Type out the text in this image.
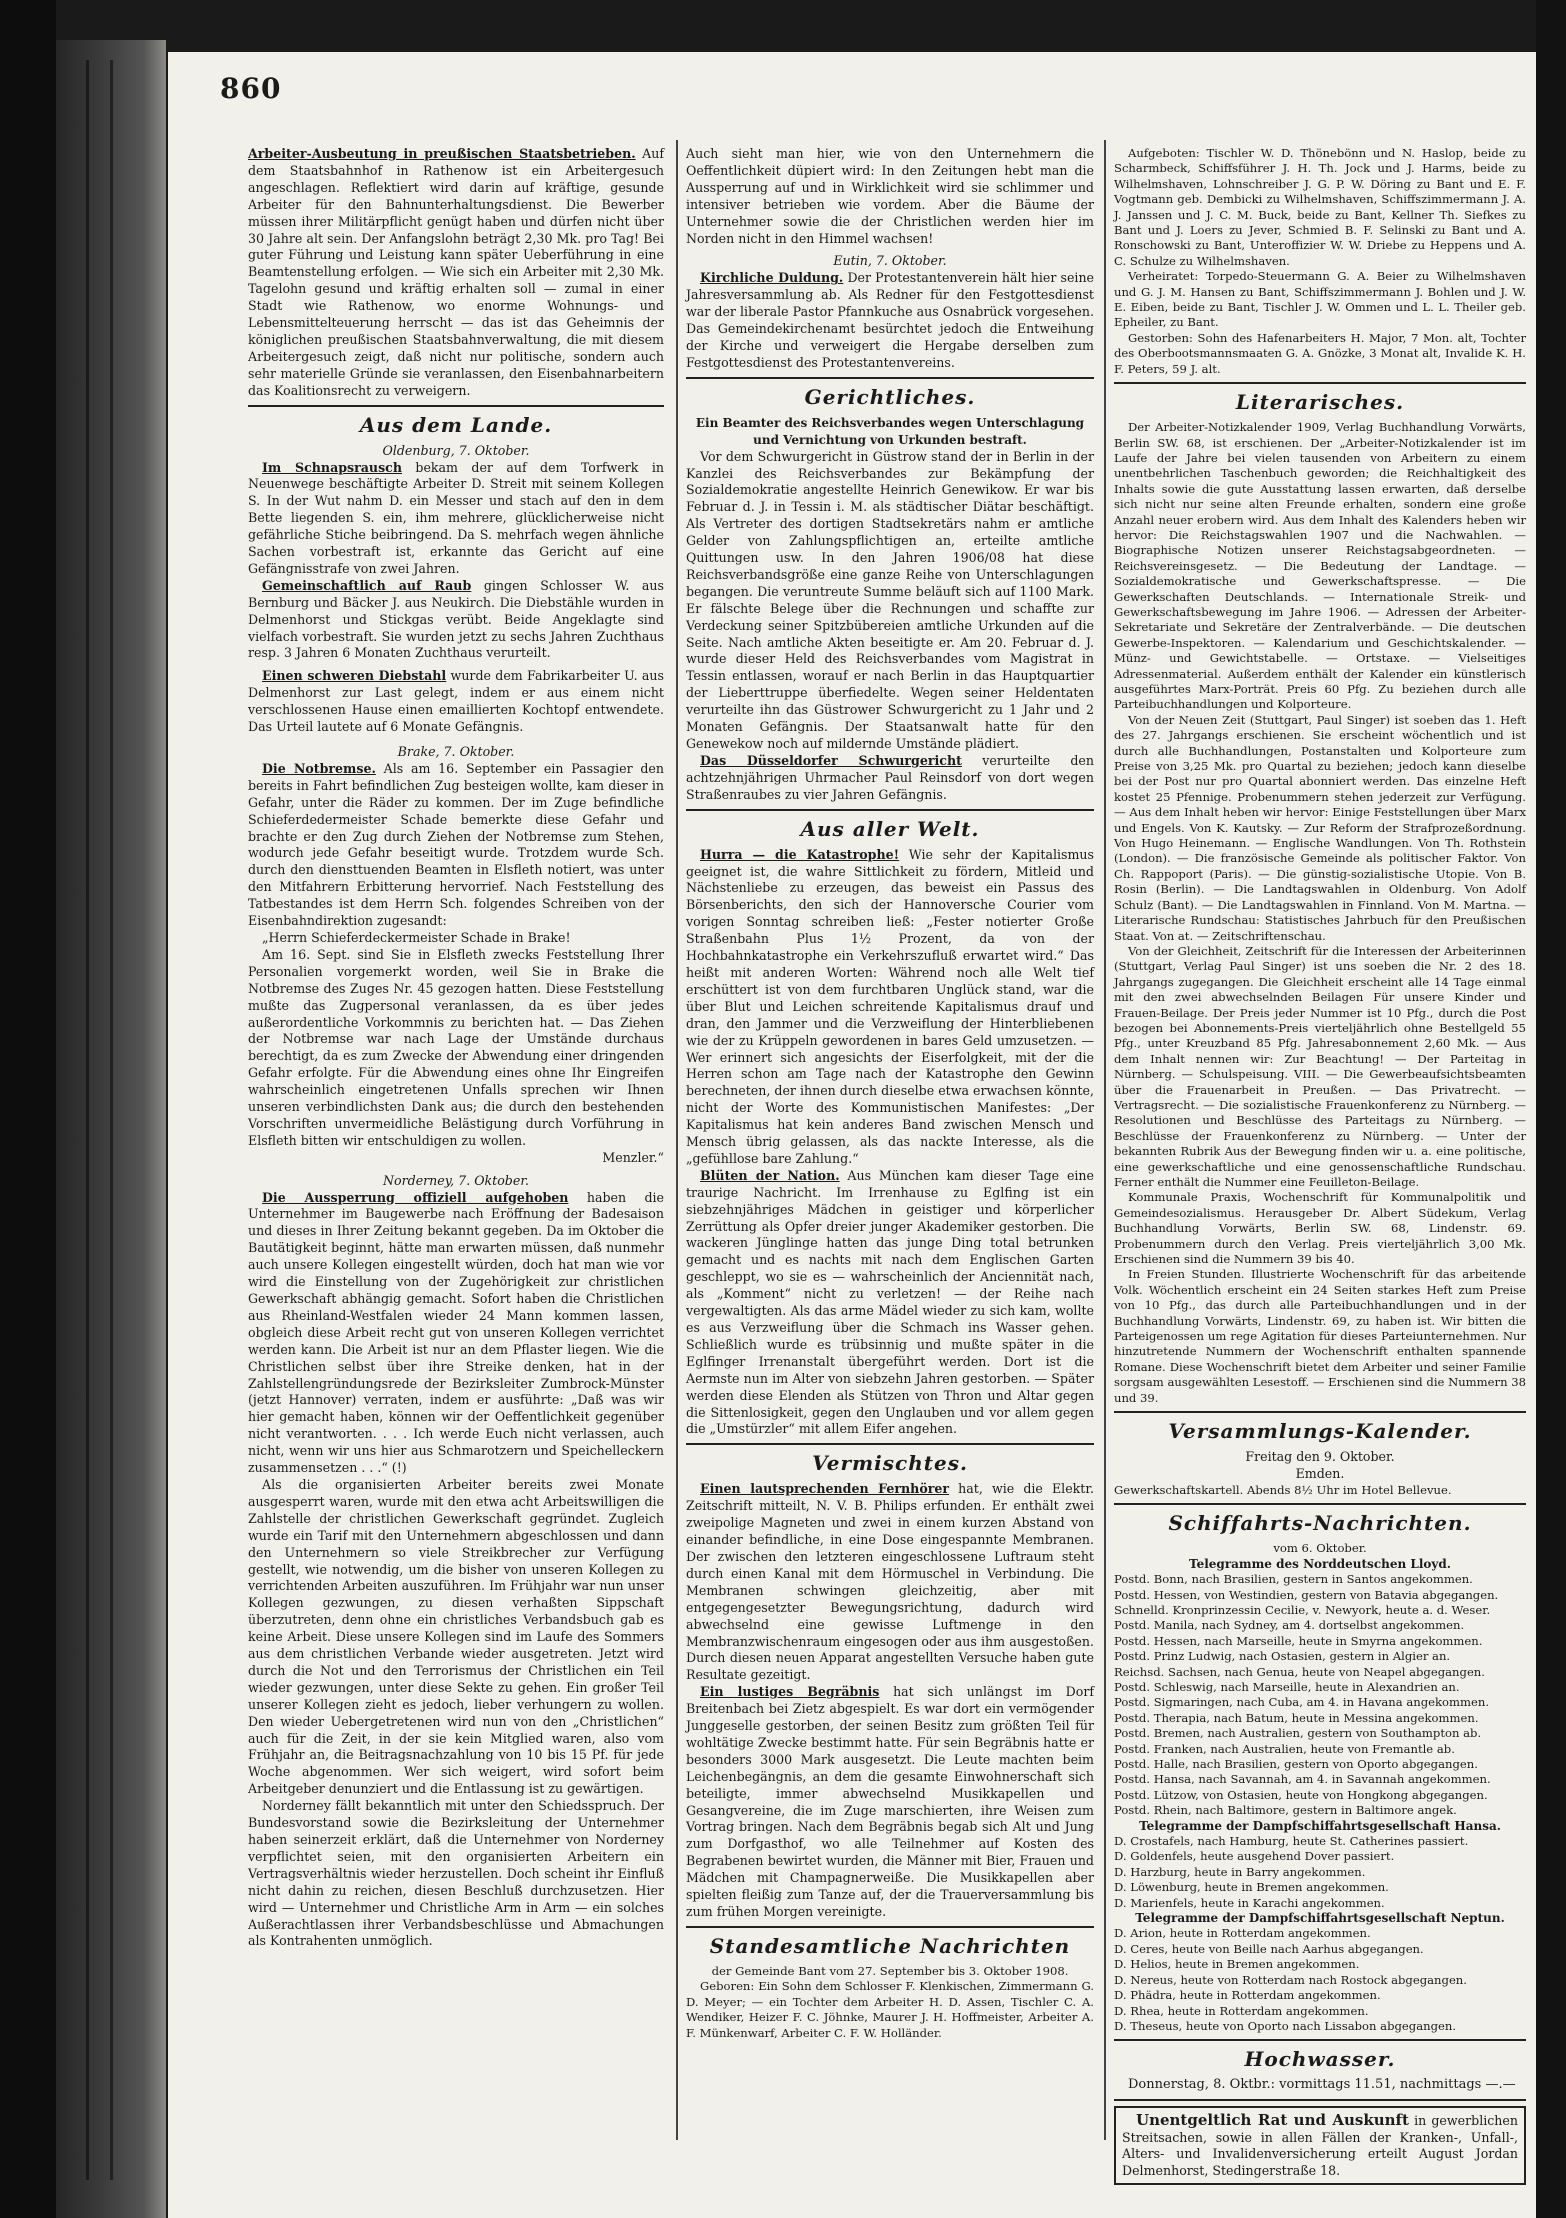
860

Arbeiter-Ausbeutung in preußischen Staatsbetrieben. Auf dem Staatsbahnhof in Rathenow ist ein Arbeitergesuch angeschlagen. Reflektiert wird darin auf kräftige, gesunde Arbeiter für den Bahnunterhaltungsdienst. Die Bewerber müssen ihrer Militärpflicht genügt haben und dürfen nicht über 30 Jahre alt sein. Der Anfangslohn beträgt 2,30 Mk. pro Tag! Bei guter Führung und Leistung kann später Ueberführung in eine Beamtenstellung erfolgen. — Wie sich ein Arbeiter mit 2,30 Mk. Tagelohn gesund und kräftig erhalten soll — zumal in einer Stadt wie Rathenow, wo enorme Wohnungs- und Lebensmittelteuerung herrscht — das ist das Geheimnis der königlichen preußischen Staatsbahnverwaltung, die mit diesem Arbeitergesuch zeigt, daß nicht nur politische, sondern auch sehr materielle Gründe sie veranlassen, den Eisenbahnarbeitern das Koalitionsrecht zu verweigern.

Aus dem Lande.

Oldenburg, 7. Oktober.

Im Schnapsrausch bekam der auf dem Torfwerk in Neuenwege beschäftigte Arbeiter D. Streit mit seinem Kollegen S. In der Wut nahm D. ein Messer und stach auf den in dem Bette liegenden S. ein, ihm mehrere, glücklicherweise nicht gefährliche Stiche beibringend. Da S. mehrfach wegen ähnliche Sachen vorbestraft ist, erkannte das Gericht auf eine Gefängnisstrafe von zwei Jahren.

Gemeinschaftlich auf Raub gingen Schlosser W. aus Bernburg und Bäcker J. aus Neukirch. Die Diebstähle wurden in Delmenhorst und Stickgas verübt. Beide Angeklagte sind vielfach vorbestraft. Sie wurden jetzt zu sechs Jahren Zuchthaus resp. 3 Jahren 6 Monaten Zuchthaus verurteilt.

Einen schweren Diebstahl wurde dem Fabrikarbeiter U. aus Delmenhorst zur Last gelegt, indem er aus einem nicht verschlossenen Hause einen emaillierten Kochtopf entwendete. Das Urteil lautete auf 6 Monate Gefängnis.

Brake, 7. Oktober.

Die Notbremse. Als am 16. September ein Passagier den bereits in Fahrt befindlichen Zug besteigen wollte, kam dieser in Gefahr, unter die Räder zu kommen. Der im Zuge befindliche Schieferdedermeister Schade bemerkte diese Gefahr und brachte er den Zug durch Ziehen der Notbremse zum Stehen, wodurch jede Gefahr beseitigt wurde. Trotzdem wurde Sch. durch den diensttuenden Beamten in Elsfleth notiert, was unter den Mitfahrern Erbitterung hervorrief. Nach Feststellung des Tatbestandes ist dem Herrn Sch. folgendes Schreiben von der Eisenbahndirektion zugesandt:

„Herrn Schieferdeckermeister Schade in Brake!

Am 16. Sept. sind Sie in Elsfleth zwecks Feststellung Ihrer Personalien vorgemerkt worden, weil Sie in Brake die Notbremse des Zuges Nr. 45 gezogen hatten. Diese Feststellung mußte das Zugpersonal veranlassen, da es über jedes außerordentliche Vorkommnis zu berichten hat. — Das Ziehen der Notbremse war nach Lage der Umstände durchaus berechtigt, da es zum Zwecke der Abwendung einer dringenden Gefahr erfolgte. Für die Abwendung eines ohne Ihr Eingreifen wahrscheinlich eingetretenen Unfalls sprechen wir Ihnen unseren verbindlichsten Dank aus; die durch den bestehenden Vorschriften unvermeidliche Belästigung durch Vorführung in Elsfleth bitten wir entschuldigen zu wollen.

Menzler.“

Norderney, 7. Oktober.

Die Aussperrung offiziell aufgehoben haben die Unternehmer im Baugewerbe nach Eröffnung der Badesaison und dieses in Ihrer Zeitung bekannt gegeben. Da im Oktober die Bautätigkeit beginnt, hätte man erwarten müssen, daß nunmehr auch unsere Kollegen eingestellt würden, doch hat man wie vor wird die Einstellung von der Zugehörigkeit zur christlichen Gewerkschaft abhängig gemacht. Sofort haben die Christlichen aus Rheinland-Westfalen wieder 24 Mann kommen lassen, obgleich diese Arbeit recht gut von unseren Kollegen verrichtet werden kann. Die Arbeit ist nur an dem Pflaster liegen. Wie die Christlichen selbst über ihre Streike denken, hat in der Zahlstellengründungsrede der Bezirksleiter Zumbrock-Münster (jetzt Hannover) verraten, indem er ausführte: „Daß was wir hier gemacht haben, können wir der Oeffentlichkeit gegenüber nicht verantworten. . . . Ich werde Euch nicht verlassen, auch nicht, wenn wir uns hier aus Schmarotzern und Speichelleckern zusammensetzen . . .“ (!)

Als die organisierten Arbeiter bereits zwei Monate ausgesperrt waren, wurde mit den etwa acht Arbeitswilligen die Zahlstelle der christlichen Gewerkschaft gegründet. Zugleich wurde ein Tarif mit den Unternehmern abgeschlossen und dann den Unternehmern so viele Streikbrecher zur Verfügung gestellt, wie notwendig, um die bisher von unseren Kollegen zu verrichtenden Arbeiten auszuführen. Im Frühjahr war nun unser Kollegen gezwungen, zu diesen verhaßten Sippschaft überzutreten, denn ohne ein christliches Verbandsbuch gab es keine Arbeit. Diese unsere Kollegen sind im Laufe des Sommers aus dem christlichen Verbande wieder ausgetreten. Jetzt wird durch die Not und den Terrorismus der Christlichen ein Teil wieder gezwungen, unter diese Sekte zu gehen. Ein großer Teil unserer Kollegen zieht es jedoch, lieber verhungern zu wollen. Den wieder Uebergetretenen wird nun von den „Christlichen“ auch für die Zeit, in der sie kein Mitglied waren, also vom Frühjahr an, die Beitragsnachzahlung von 10 bis 15 Pf. für jede Woche abgenommen. Wer sich weigert, wird sofort beim Arbeitgeber denunziert und die Entlassung ist zu gewärtigen.

Norderney fällt bekanntlich mit unter den Schiedsspruch. Der Bundesvorstand sowie die Bezirksleitung der Unternehmer haben seinerzeit erklärt, daß die Unternehmer von Norderney verpflichtet seien, mit den organisierten Arbeitern ein Vertragsverhältnis wieder herzustellen. Doch scheint ihr Einfluß nicht dahin zu reichen, diesen Beschluß durchzusetzen. Hier wird — Unternehmer und Christliche Arm in Arm — ein solches Außerachtlassen ihrer Verbandsbeschlüsse und Abmachungen als Kontrahenten unmöglich.

Auch sieht man hier, wie von den Unternehmern die Oeffentlichkeit düpiert wird: In den Zeitungen hebt man die Aussperrung auf und in Wirklichkeit wird sie schlimmer und intensiver betrieben wie vordem. Aber die Bäume der Unternehmer sowie die der Christlichen werden hier im Norden nicht in den Himmel wachsen!

Eutin, 7. Oktober.

Kirchliche Duldung. Der Protestantenverein hält hier seine Jahresversammlung ab. Als Redner für den Festgottesdienst war der liberale Pastor Pfannkuche aus Osnabrück vorgesehen. Das Gemeindekirchenamt besürchtet jedoch die Entweihung der Kirche und verweigert die Hergabe derselben zum Festgottesdienst des Protestantenvereins.

Gerichtliches.

Ein Beamter des Reichsverbandes wegen Unterschlagung und Vernichtung von Urkunden bestraft.

Vor dem Schwurgericht in Güstrow stand der in Berlin in der Kanzlei des Reichsverbandes zur Bekämpfung der Sozialdemokratie angestellte Heinrich Genewikow. Er war bis Februar d. J. in Tessin i. M. als städtischer Diätar beschäftigt. Als Vertreter des dortigen Stadtsekretärs nahm er amtliche Gelder von Zahlungspflichtigen an, erteilte amtliche Quittungen usw. In den Jahren 1906/08 hat diese Reichsverbandsgröße eine ganze Reihe von Unterschlagungen begangen. Die veruntreute Summe beläuft sich auf 1100 Mark. Er fälschte Belege über die Rechnungen und schaffte zur Verdeckung seiner Spitzbübereien amtliche Urkunden auf die Seite. Nach amtliche Akten beseitigte er. Am 20. Februar d. J. wurde dieser Held des Reichsverbandes vom Magistrat in Tessin entlassen, worauf er nach Berlin in das Hauptquartier der Lieberttruppe überfiedelte. Wegen seiner Heldentaten verurteilte ihn das Güstrower Schwurgericht zu 1 Jahr und 2 Monaten Gefängnis. Der Staatsanwalt hatte für den Genewekow noch auf mildernde Umstände plädiert.

Das Düsseldorfer Schwurgericht verurteilte den achtzehnjährigen Uhrmacher Paul Reinsdorf von dort wegen Straßenraubes zu vier Jahren Gefängnis.

Aus aller Welt.

Hurra — die Katastrophe! Wie sehr der Kapitalismus geeignet ist, die wahre Sittlichkeit zu fördern, Mitleid und Nächstenliebe zu erzeugen, das beweist ein Passus des Börsenberichts, den sich der Hannoversche Courier vom vorigen Sonntag schreiben ließ: „Fester notierter Große Straßenbahn Plus 1½ Prozent, da von der Hochbahnkatastrophe ein Verkehrszufluß erwartet wird.“ Das heißt mit anderen Worten: Während noch alle Welt tief erschüttert ist von dem furchtbaren Unglück stand, war die über Blut und Leichen schreitende Kapitalismus drauf und dran, den Jammer und die Verzweiflung der Hinterbliebenen wie der zu Krüppeln gewordenen in bares Geld umzusetzen. — Wer erinnert sich angesichts der Eiserfolgkeit, mit der die Herren schon am Tage nach der Katastrophe den Gewinn berechneten, der ihnen durch dieselbe etwa erwachsen könnte, nicht der Worte des Kommunistischen Manifestes: „Der Kapitalismus hat kein anderes Band zwischen Mensch und Mensch übrig gelassen, als das nackte Interesse, als die „gefühllose bare Zahlung.“

Blüten der Nation. Aus München kam dieser Tage eine traurige Nachricht. Im Irrenhause zu Eglfing ist ein siebzehnjähriges Mädchen in geistiger und körperlicher Zerrüttung als Opfer dreier junger Akademiker gestorben. Die wackeren Jünglinge hatten das junge Ding total betrunken gemacht und es nachts mit nach dem Englischen Garten geschleppt, wo sie es — wahrscheinlich der Anciennität nach, als „Komment“ nicht zu verletzen! — der Reihe nach vergewaltigten. Als das arme Mädel wieder zu sich kam, wollte es aus Verzweiflung über die Schmach ins Wasser gehen. Schließlich wurde es trübsinnig und mußte später in die Eglfinger Irrenanstalt übergeführt werden. Dort ist die Aermste nun im Alter von siebzehn Jahren gestorben. — Später werden diese Elenden als Stützen von Thron und Altar gegen die Sittenlosigkeit, gegen den Unglauben und vor allem gegen die „Umstürzler“ mit allem Eifer angehen.

Vermischtes.

Einen lautsprechenden Fernhörer hat, wie die Elektr. Zeitschrift mitteilt, N. V. B. Philips erfunden. Er enthält zwei zweipolige Magneten und zwei in einem kurzen Abstand von einander befindliche, in eine Dose eingespannte Membranen. Der zwischen den letzteren eingeschlossene Luftraum steht durch einen Kanal mit dem Hörmuschel in Verbindung. Die Membranen schwingen gleichzeitig, aber mit entgegengesetzter Bewegungsrichtung, dadurch wird abwechselnd eine gewisse Luftmenge in den Membranzwischenraum eingesogen oder aus ihm ausgestoßen. Durch diesen neuen Apparat angestellten Versuche haben gute Resultate gezeitigt.

Ein lustiges Begräbnis hat sich unlängst im Dorf Breitenbach bei Zietz abgespielt. Es war dort ein vermögender Junggeselle gestorben, der seinen Besitz zum größten Teil für wohltätige Zwecke bestimmt hatte. Für sein Begräbnis hatte er besonders 3000 Mark ausgesetzt. Die Leute machten beim Leichenbegängnis, an dem die gesamte Einwohnerschaft sich beteiligte, immer abwechselnd Musikkapellen und Gesangvereine, die im Zuge marschierten, ihre Weisen zum Vortrag bringen. Nach dem Begräbnis begab sich Alt und Jung zum Dorfgasthof, wo alle Teilnehmer auf Kosten des Begrabenen bewirtet wurden, die Männer mit Bier, Frauen und Mädchen mit Champagnerweiße. Die Musikkapellen aber spielten fleißig zum Tanze auf, der die Trauerversammlung bis zum frühen Morgen vereinigte.

Standesamtliche Nachrichten

der Gemeinde Bant vom 27. September bis 3. Oktober 1908.

Geboren: Ein Sohn dem Schlosser F. Klenkischen, Zimmermann G. D. Meyer; — ein Tochter dem Arbeiter H. D. Assen, Tischler C. A. Wendiker, Heizer F. C. Jöhnke, Maurer J. H. Hoffmeister, Arbeiter A. F. Münkenwarf, Arbeiter C. F. W. Holländer.

Aufgeboten: Tischler W. D. Thönebönn und N. Haslop, beide zu Scharmbeck, Schiffsführer J. H. Th. Jock und J. Harms, beide zu Wilhelmshaven, Lohnschreiber J. G. P. W. Döring zu Bant und E. F. Vogtmann geb. Dembicki zu Wilhelmshaven, Schiffszimmermann J. A. J. Janssen und J. C. M. Buck, beide zu Bant, Kellner Th. Siefkes zu Bant und J. Loers zu Jever, Schmied B. F. Selinski zu Bant und A. Ronschowski zu Bant, Unteroffizier W. W. Driebe zu Heppens und A. C. Schulze zu Wilhelmshaven.

Verheiratet: Torpedo-Steuermann G. A. Beier zu Wilhelmshaven und G. J. M. Hansen zu Bant, Schiffszimmermann J. Bohlen und J. W. E. Eiben, beide zu Bant, Tischler J. W. Ommen und L. L. Theiler geb. Epheiler, zu Bant.

Gestorben: Sohn des Hafenarbeiters H. Major, 7 Mon. alt, Tochter des Oberbootsmannsmaaten G. A. Gnözke, 3 Monat alt, Invalide K. H. F. Peters, 59 J. alt.

Literarisches.

Der Arbeiter-Notizkalender 1909, Verlag Buchhandlung Vorwärts, Berlin SW. 68, ist erschienen. Der „Arbeiter-Notizkalender ist im Laufe der Jahre bei vielen tausenden von Arbeitern zu einem unentbehrlichen Taschenbuch geworden; die Reichhaltigkeit des Inhalts sowie die gute Ausstattung lassen erwarten, daß derselbe sich nicht nur seine alten Freunde erhalten, sondern eine große Anzahl neuer erobern wird. Aus dem Inhalt des Kalenders heben wir hervor: Die Reichstagswahlen 1907 und die Nachwahlen. — Biographische Notizen unserer Reichstagsabgeordneten. — Reichsvereinsgesetz. — Die Bedeutung der Landtage. — Sozialdemokratische und Gewerkschaftspresse. — Die Gewerkschaften Deutschlands. — Internationale Streik- und Gewerkschaftsbewegung im Jahre 1906. — Adressen der Arbeiter-Sekretariate und Sekretäre der Zentralverbände. — Die deutschen Gewerbe-Inspektoren. — Kalendarium und Geschichtskalender. — Münz- und Gewichtstabelle. — Ortstaxe. — Vielseitiges Adressenmaterial. Außerdem enthält der Kalender ein künstlerisch ausgeführtes Marx-Porträt. Preis 60 Pfg. Zu beziehen durch alle Parteibuchhandlungen und Kolporteure.

Von der Neuen Zeit (Stuttgart, Paul Singer) ist soeben das 1. Heft des 27. Jahrgangs erschienen. Sie erscheint wöchentlich und ist durch alle Buchhandlungen, Postanstalten und Kolporteure zum Preise von 3,25 Mk. pro Quartal zu beziehen; jedoch kann dieselbe bei der Post nur pro Quartal abonniert werden. Das einzelne Heft kostet 25 Pfennige. Probenummern stehen jederzeit zur Verfügung. — Aus dem Inhalt heben wir hervor: Einige Feststellungen über Marx und Engels. Von K. Kautsky. — Zur Reform der Strafprozeßordnung. Von Hugo Heinemann. — Englische Wandlungen. Von Th. Rothstein (London). — Die französische Gemeinde als politischer Faktor. Von Ch. Rappoport (Paris). — Die günstig-sozialistische Utopie. Von B. Rosin (Berlin). — Die Landtagswahlen in Oldenburg. Von Adolf Schulz (Bant). — Die Landtagswahlen in Finnland. Von M. Martna. — Literarische Rundschau: Statistisches Jahrbuch für den Preußischen Staat. Von at. — Zeitschriftenschau.

Von der Gleichheit, Zeitschrift für die Interessen der Arbeiterinnen (Stuttgart, Verlag Paul Singer) ist uns soeben die Nr. 2 des 18. Jahrgangs zugegangen. Die Gleichheit erscheint alle 14 Tage einmal mit den zwei abwechselnden Beilagen Für unsere Kinder und Frauen-Beilage. Der Preis jeder Nummer ist 10 Pfg., durch die Post bezogen bei Abonnements-Preis vierteljährlich ohne Bestellgeld 55 Pfg., unter Kreuzband 85 Pfg. Jahresabonnement 2,60 Mk. — Aus dem Inhalt nennen wir: Zur Beachtung! — Der Parteitag in Nürnberg. — Schulspeisung. VIII. — Die Gewerbeaufsichtsbeamten über die Frauenarbeit in Preußen. — Das Privatrecht. — Vertragsrecht. — Die sozialistische Frauenkonferenz zu Nürnberg. — Resolutionen und Beschlüsse des Parteitags zu Nürnberg. — Beschlüsse der Frauenkonferenz zu Nürnberg. — Unter der bekannten Rubrik Aus der Bewegung finden wir u. a. eine politische, eine gewerkschaftliche und eine genossenschaftliche Rundschau. Ferner enthält die Nummer eine Feuilleton-Beilage.

Kommunale Praxis, Wochenschrift für Kommunalpolitik und Gemeindesozialismus. Herausgeber Dr. Albert Südekum, Verlag Buchhandlung Vorwärts, Berlin SW. 68, Lindenstr. 69. Probenummern durch den Verlag. Preis vierteljährlich 3,00 Mk. Erschienen sind die Nummern 39 bis 40.

In Freien Stunden. Illustrierte Wochenschrift für das arbeitende Volk. Wöchentlich erscheint ein 24 Seiten starkes Heft zum Preise von 10 Pfg., das durch alle Parteibuchhandlungen und in der Buchhandlung Vorwärts, Lindenstr. 69, zu haben ist. Wir bitten die Parteigenossen um rege Agitation für dieses Parteiunternehmen. Nur hinzutretende Nummern der Wochenschrift enthalten spannende Romane. Diese Wochenschrift bietet dem Arbeiter und seiner Familie sorgsam ausgewählten Lesestoff. — Erschienen sind die Nummern 38 und 39.

Versammlungs-Kalender.

Freitag den 9. Oktober.

Emden.

Gewerkschaftskartell. Abends 8½ Uhr im Hotel Bellevue.

Schiffahrts-Nachrichten.

vom 6. Oktober.

Telegramme des Norddeutschen Lloyd.

Postd. Bonn, nach Brasilien, gestern in Santos angekommen.

Postd. Hessen, von Westindien, gestern von Batavia abgegangen.

Schnelld. Kronprinzessin Cecilie, v. Newyork, heute a. d. Weser.

Postd. Manila, nach Sydney, am 4. dortselbst angekommen.

Postd. Hessen, nach Marseille, heute in Smyrna angekommen.

Postd. Prinz Ludwig, nach Ostasien, gestern in Algier an.

Reichsd. Sachsen, nach Genua, heute von Neapel abgegangen.

Postd. Schleswig, nach Marseille, heute in Alexandrien an.

Postd. Sigmaringen, nach Cuba, am 4. in Havana angekommen.

Postd. Therapia, nach Batum, heute in Messina angekommen.

Postd. Bremen, nach Australien, gestern von Southampton ab.

Postd. Franken, nach Australien, heute von Fremantle ab.

Postd. Halle, nach Brasilien, gestern von Oporto abgegangen.

Postd. Hansa, nach Savannah, am 4. in Savannah angekommen.

Postd. Lützow, von Ostasien, heute von Hongkong abgegangen.

Postd. Rhein, nach Baltimore, gestern in Baltimore angek.

Telegramme der Dampfschiffahrtsgesellschaft Hansa.

D. Crostafels, nach Hamburg, heute St. Catherines passiert.

D. Goldenfels, heute ausgehend Dover passiert.

D. Harzburg, heute in Barry angekommen.

D. Löwenburg, heute in Bremen angekommen.

D. Marienfels, heute in Karachi angekommen.

Telegramme der Dampfschiffahrtsgesellschaft Neptun.

D. Arion, heute in Rotterdam angekommen.

D. Ceres, heute von Beille nach Aarhus abgegangen.

D. Helios, heute in Bremen angekommen.

D. Nereus, heute von Rotterdam nach Rostock abgegangen.

D. Phädra, heute in Rotterdam angekommen.

D. Rhea, heute in Rotterdam angekommen.

D. Theseus, heute von Oporto nach Lissabon abgegangen.

Hochwasser.

Donnerstag, 8. Oktbr.: vormittags 11.51, nachmittags —.—

Unentgeltlich Rat und Auskunft in gewerblichen Streitsachen, sowie in allen Fällen der Kranken-, Unfall-, Alters- und Invalidenversicherung erteilt August Jordan Delmenhorst, Stedingerstraße 18.
